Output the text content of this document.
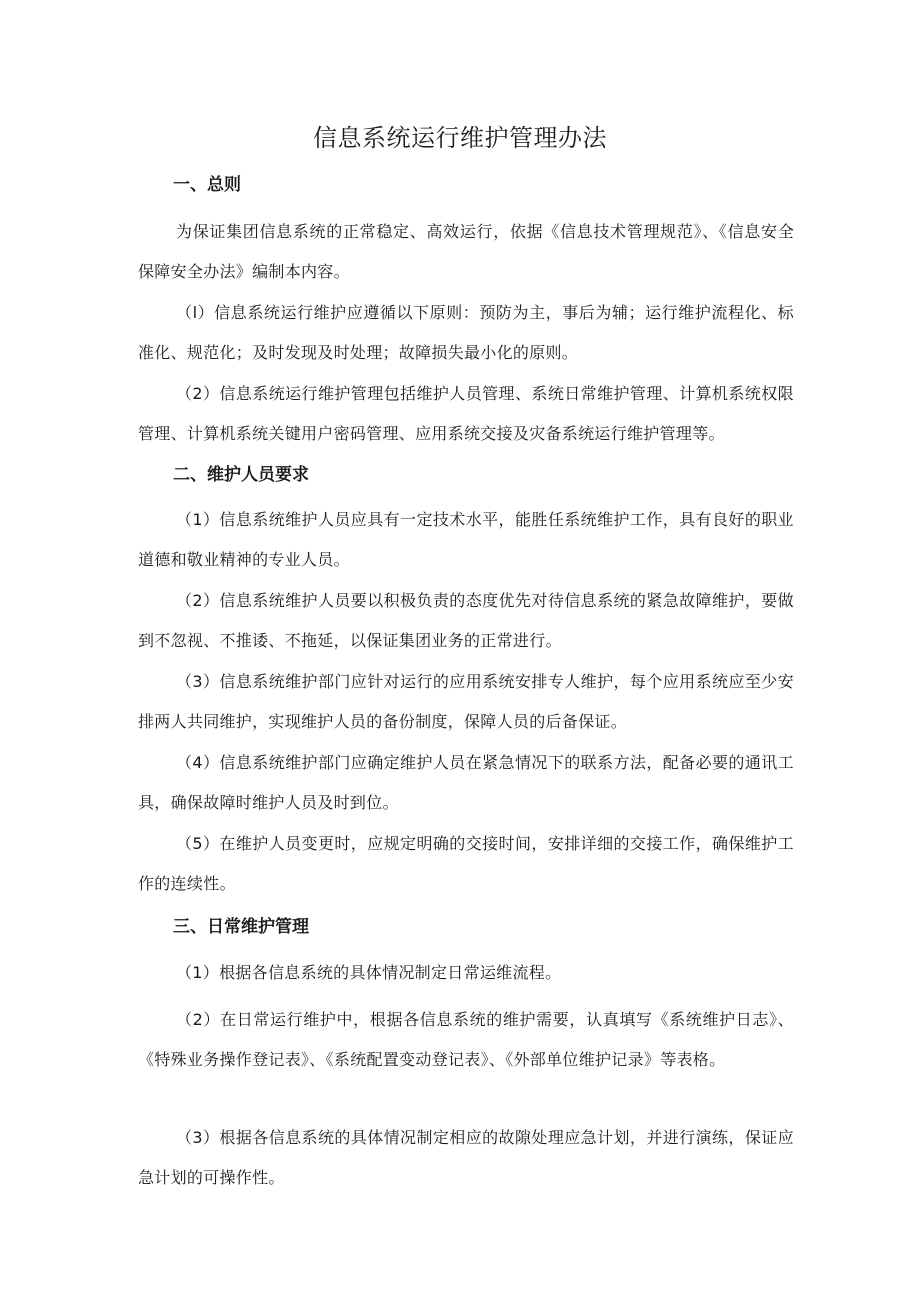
信息系统运行维护管理办法
一、总则

为保证集团信息系统的正常稳定、高效运行，依据《信息技术管理规范》、《信息安全保障安全办法》编制本内容。

（l）信息系统运行维护应遵循以下原则：预防为主，事后为辅；运行维护流程化、标准化、规范化；及时发现及时处理；故障损失最小化的原则。

（2）信息系统运行维护管理包括维护人员管理、系统日常维护管理、计算机系统权限管理、计算机系统关键用户密码管理、应用系统交接及灾备系统运行维护管理等。

二、维护人员要求

（1）信息系统维护人员应具有一定技术水平，能胜任系统维护工作，具有良好的职业道德和敬业精神的专业人员。

（2）信息系统维护人员要以积极负责的态度优先对待信息系统的紧急故障维护，要做到不忽视、不推诿、不拖延，以保证集团业务的正常进行。

（3）信息系统维护部门应针对运行的应用系统安排专人维护，每个应用系统应至少安排两人共同维护，实现维护人员的备份制度，保障人员的后备保证。

（4）信息系统维护部门应确定维护人员在紧急情况下的联系方法，配备必要的通讯工具，确保故障时维护人员及时到位。

（5）在维护人员变更时，应规定明确的交接时间，安排详细的交接工作，确保维护工作的连续性。

三、日常维护管理

（1）根据各信息系统的具体情况制定日常运维流程。

（2）在日常运行维护中，根据各信息系统的维护需要，认真填写《系统维护日志》、《特殊业务操作登记表》、《系统配置变动登记表》、《外部单位维护记录》等表格。

（3）根据各信息系统的具体情况制定相应的故隙处理应急计划，并进行演练，保证应急计划的可操作性。
